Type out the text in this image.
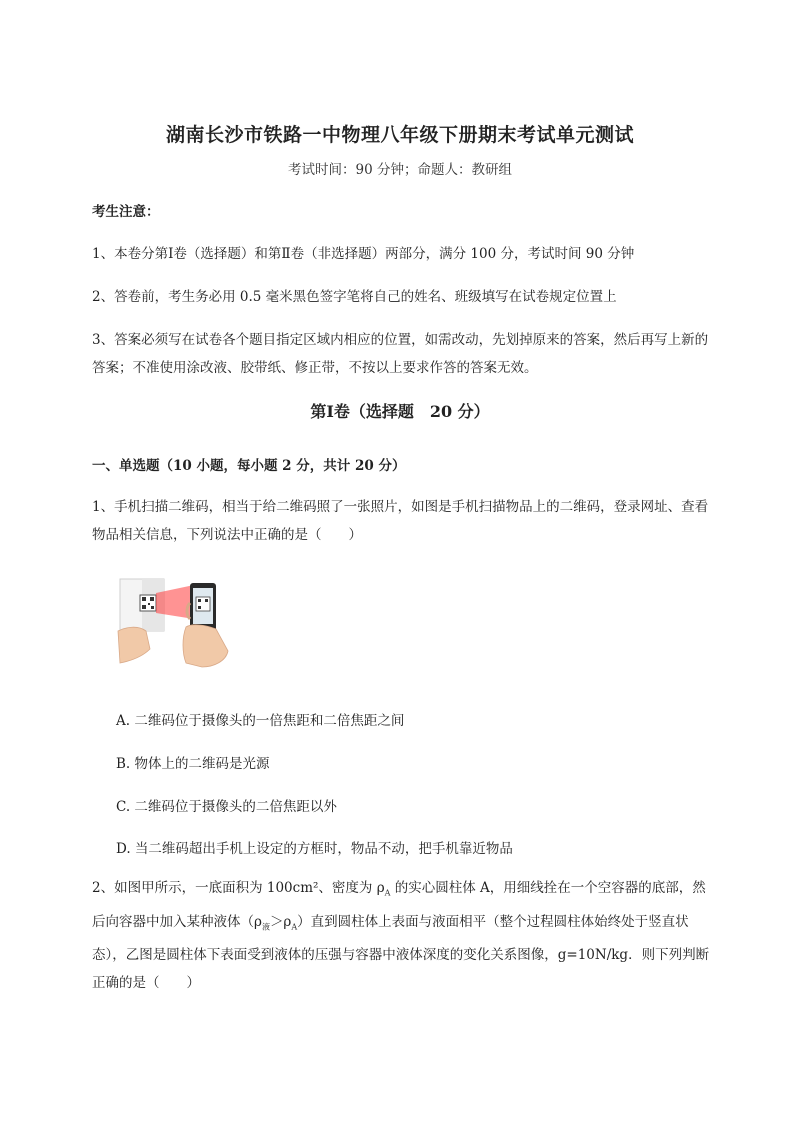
湖南长沙市铁路一中物理八年级下册期末考试单元测试
考试时间：90 分钟；命题人：教研组
考生注意：
1、本卷分第Ⅰ卷（选择题）和第Ⅱ卷（非选择题）两部分，满分 100 分，考试时间 90 分钟
2、答卷前，考生务必用 0.5 毫米黑色签字笔将自己的姓名、班级填写在试卷规定位置上
3、答案必须写在试卷各个题目指定区域内相应的位置，如需改动，先划掉原来的答案，然后再写上新的答案；不准使用涂改液、胶带纸、修正带，不按以上要求作答的答案无效。
第Ⅰ卷（选择题　20 分）
一、单选题（10 小题，每小题 2 分，共计 20 分）
1、手机扫描二维码，相当于给二维码照了一张照片，如图是手机扫描物品上的二维码，登录网址、查看物品相关信息，下列说法中正确的是（　　）
A. 二维码位于摄像头的一倍焦距和二倍焦距之间
B. 物体上的二维码是光源
C. 二维码位于摄像头的二倍焦距以外
D. 当二维码超出手机上设定的方框时，物品不动，把手机靠近物品
2、如图甲所示，一底面积为 100cm²、密度为 $\rho_A$ 的实心圆柱体 A，用细线拴在一个空容器的底部，然后向容器中加入某种液体$(\rho_液>\rho_A)$直到圆柱体上表面与液面相平（整个过程圆柱体始终处于竖直状态），乙图是圆柱体下表面受到液体的压强与容器中液体深度的变化关系图像，g=10N/kg．则下列判断正确的是（　　）
